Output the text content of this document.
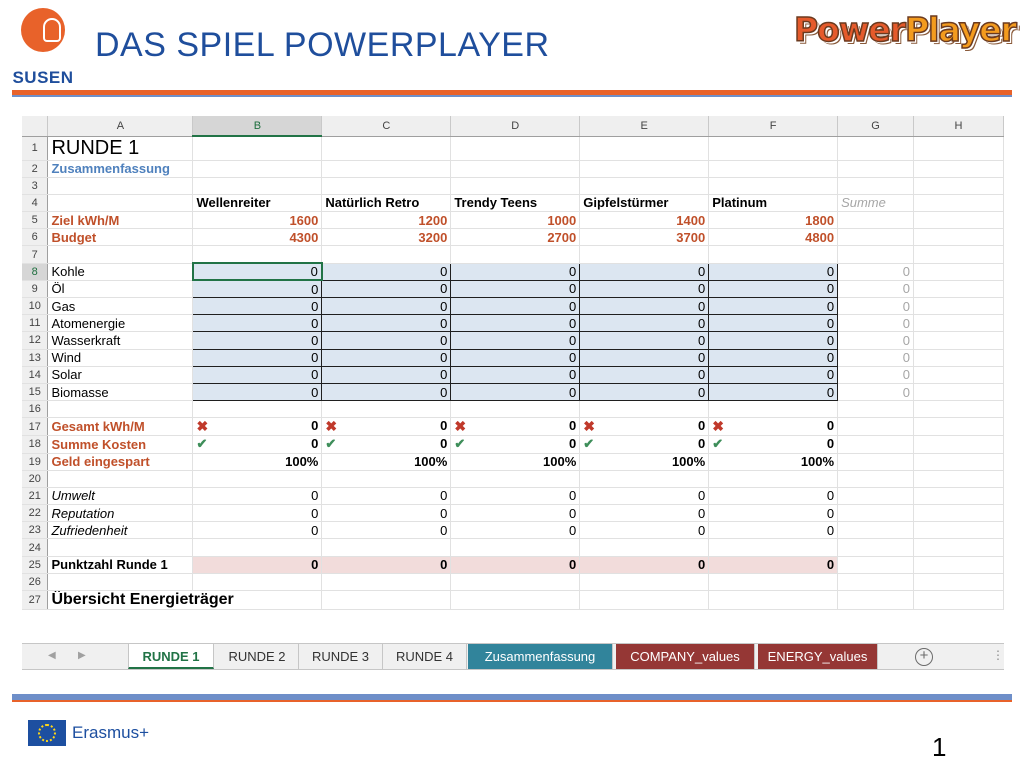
SUSEN
DAS SPIEL POWERPLAYER	PowerPlayer
	A	B	C	D	E	F	G	H
1	RUNDE 1							
2	Zusammenfassung							
3								
4		Wellenreiter	Natürlich Retro	Trendy Teens	Gipfelstürmer	Platinum	Summe	
5	Ziel kWh/M	1600	1200	1000	1400	1800		
6	Budget	4300	3200	2700	3700	4800		
7								
8	Kohle	0	0	0	0	0	0	
9	Öl	0	0	0	0	0	0	
10	Gas	0	0	0	0	0	0	
11	Atomenergie	0	0	0	0	0	0	
12	Wasserkraft	0	0	0	0	0	0	
13	Wind	0	0	0	0	0	0	
14	Solar	0	0	0	0	0	0	
15	Biomasse	0	0	0	0	0	0	
16								
17	Gesamt kWh/M	✖ 0	✖ 0	✖ 0	✖ 0	✖ 0		
18	Summe Kosten	✔ 0	✔ 0	✔ 0	✔ 0	✔ 0		
19	Geld eingespart	100%	100%	100%	100%	100%		
20								
21	Umwelt	0	0	0	0	0		
22	Reputation	0	0	0	0	0		
23	Zufriedenheit	0	0	0	0	0		
24								
25	Punktzahl Runde 1	0	0	0	0	0		
26								
27	Übersicht Energieträger							
◀ ▶	RUNDE 1	RUNDE 2	RUNDE 3	RUNDE 4	Zusammenfassung	COMPANY_values	ENERGY_values	+	⋮
Erasmus+	1
